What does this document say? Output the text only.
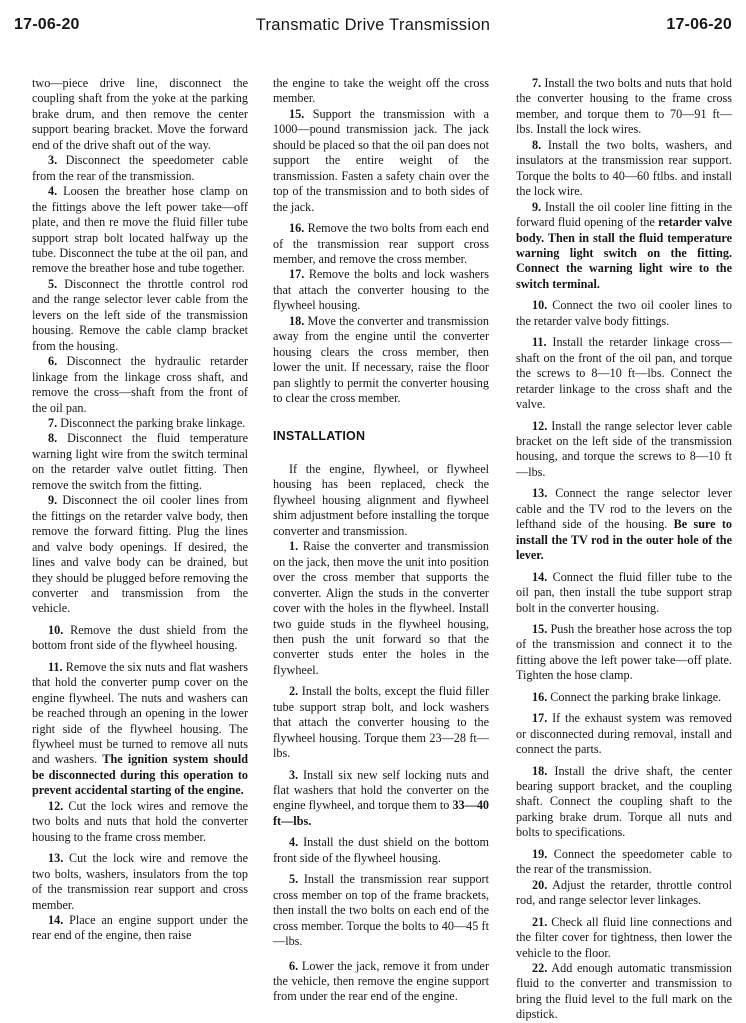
17-06-20	Transmatic Drive Transmission	17-06-20

two—piece drive line, disconnect the coupling shaft from the yoke at the parking brake drum, and then remove the center support bearing bracket. Move the forward end of the drive shaft out of the way.

3. Disconnect the speedometer cable from the rear of the transmission.

4. Loosen the breather hose clamp on the fittings above the left power take—off plate, and then re move the fluid filler tube support strap bolt located halfway up the tube. Disconnect the tube at the oil pan, and remove the breather hose and tube together.

5. Disconnect the throttle control rod and the range selector lever cable from the levers on the left side of the transmission housing. Remove the cable clamp bracket from the housing.

6. Disconnect the hydraulic retarder linkage from the linkage cross shaft, and remove the cross—shaft from the front of the oil pan.

7. Disconnect the parking brake linkage.

8. Disconnect the fluid temperature warning light wire from the switch terminal on the retarder valve outlet fitting. Then remove the switch from the fitting.

9. Disconnect the oil cooler lines from the fittings on the retarder valve body, then remove the forward fitting. Plug the lines and valve body openings. If desired, the lines and valve body can be drained, but they should be plugged before removing the converter and transmission from the vehicle.

10. Remove the dust shield from the bottom front side of the flywheel housing.

11. Remove the six nuts and flat washers that hold the converter pump cover on the engine flywheel. The nuts and washers can be reached through an opening in the lower right side of the flywheel housing. The flywheel must be turned to remove all nuts and washers. The ignition system should be disconnected during this operation to prevent accidental starting of the engine.

12. Cut the lock wires and remove the two bolts and nuts that hold the converter housing to the frame cross member.

13. Cut the lock wire and remove the two bolts, washers, insulators from the top of the transmission rear support and cross member.

14. Place an engine support under the rear end of the engine, then raise

the engine to take the weight off the cross member.

15. Support the transmission with a 1000—pound transmission jack. The jack should be placed so that the oil pan does not support the entire weight of the transmission. Fasten a safety chain over the top of the transmission and to both sides of the jack.

16. Remove the two bolts from each end of the transmission rear support cross member, and remove the cross member.

17. Remove the bolts and lock washers that attach the converter housing to the flywheel housing.

18. Move the converter and transmission away from the engine until the converter housing clears the cross member, then lower the unit. If necessary, raise the floor pan slightly to permit the converter housing to clear the cross member.

INSTALLATION

If the engine, flywheel, or flywheel housing has been replaced, check the flywheel housing alignment and flywheel shim adjustment before installing the torque converter and transmission.

1. Raise the converter and transmission on the jack, then move the unit into position over the cross member that supports the converter. Align the studs in the converter cover with the holes in the flywheel. Install two guide studs in the flywheel housing, then push the unit forward so that the converter studs enter the holes in the flywheel.

2. Install the bolts, except the fluid filler tube support strap bolt, and lock washers that attach the converter housing to the flywheel housing. Torque them 23—28 ft—lbs.

3. Install six new self locking nuts and flat washers that hold the converter on the engine flywheel, and torque them to 33—40 ft—lbs.

4. Install the dust shield on the bottom front side of the flywheel housing.

5. Install the transmission rear support cross member on top of the frame brackets, then install the two bolts on each end of the cross member. Torque the bolts to 40—45 ft—lbs.

6. Lower the jack, remove it from under the vehicle, then remove the engine support from under the rear end of the engine.

7. Install the two bolts and nuts that hold the converter housing to the frame cross member, and torque them to 70—91 ft—lbs. Install the lock wires.

8. Install the two bolts, washers, and insulators at the transmission rear support. Torque the bolts to 40—60 ftlbs. and install the lock wire.

9. Install the oil cooler line fitting in the forward fluid opening of the retarder valve body. Then in stall the fluid temperature warning light switch on the fitting. Connect the warning light wire to the switch terminal.

10. Connect the two oil cooler lines to the retarder valve body fittings.

11. Install the retarder linkage cross—shaft on the front of the oil pan, and torque the screws to 8—10 ft—lbs. Connect the retarder linkage to the cross shaft and the valve.

12. Install the range selector lever cable bracket on the left side of the transmission housing, and torque the screws to 8—10 ft—lbs.

13. Connect the range selector lever cable and the TV rod to the levers on the lefthand side of the housing. Be sure to install the TV rod in the outer hole of the lever.

14. Connect the fluid filler tube to the oil pan, then install the tube support strap bolt in the converter housing.

15. Push the breather hose across the top of the transmission and connect it to the fitting above the left power take—off plate. Tighten the hose clamp.

16. Connect the parking brake linkage.

17. If the exhaust system was removed or disconnected during removal, install and connect the parts.

18. Install the drive shaft, the center bearing support bracket, and the coupling shaft. Connect the coupling shaft to the parking brake drum. Torque all nuts and bolts to specifications.

19. Connect the speedometer cable to the rear of the transmission.

20. Adjust the retarder, throttle control rod, and range selector lever linkages.

21. Check all fluid line connections and the filter cover for tightness, then lower the vehicle to the floor.

22. Add enough automatic transmission fluid to the converter and transmission to bring the fluid level to the full mark on the dipstick.
